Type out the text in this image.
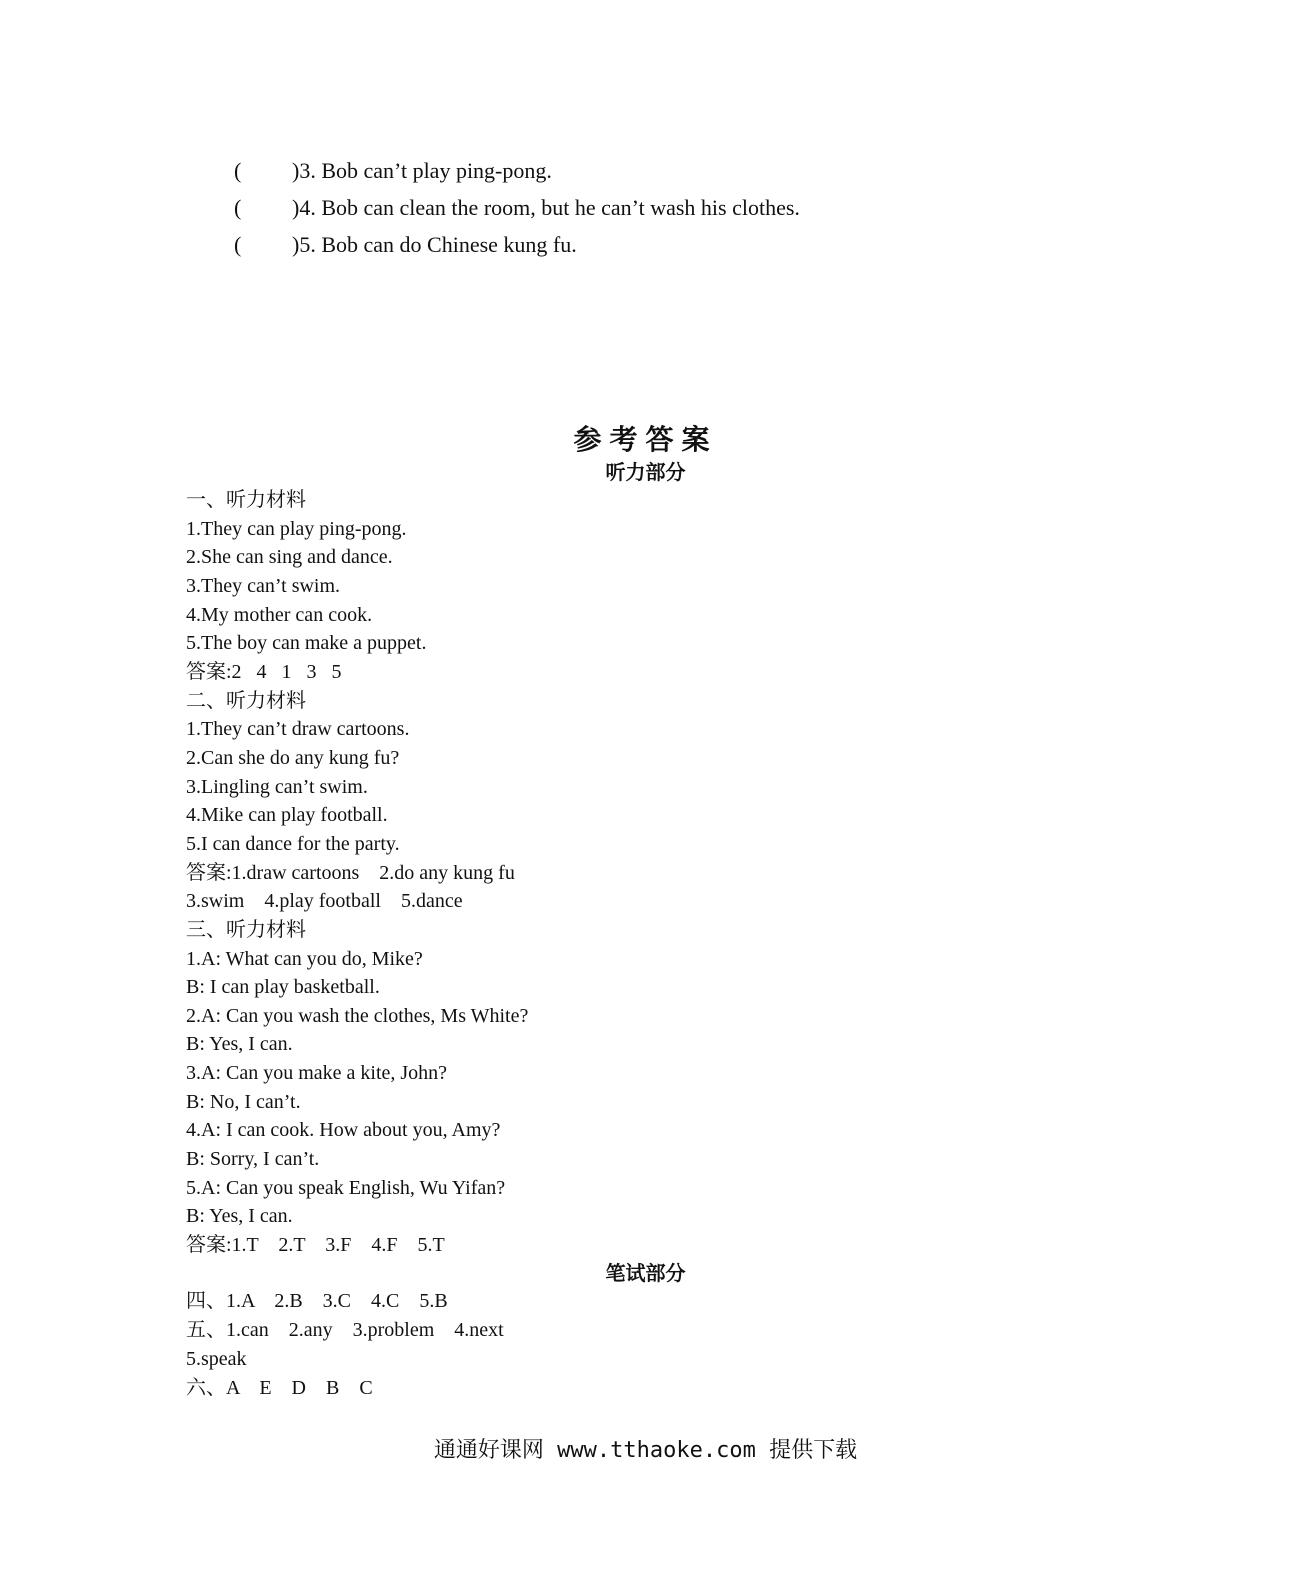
( )3. Bob can’t play ping-pong.
( )4. Bob can clean the room, but he can’t wash his clothes.
( )5. Bob can do Chinese kung fu.
参考答案
听力部分
一、听力材料
1.They can play ping-pong.
2.She can sing and dance.
3.They can’t swim.
4.My mother can cook.
5.The boy can make a puppet.
答案:2   4   1   3   5
二、听力材料
1.They can’t draw cartoons.
2.Can she do any kung fu?
3.Lingling can’t swim.
4.Mike can play football.
5.I can dance for the party.
答案:1.draw cartoons    2.do any kung fu
3.swim    4.play football    5.dance
三、听力材料
1.A: What can you do, Mike?
B: I can play basketball.
2.A: Can you wash the clothes, Ms White?
B: Yes, I can.
3.A: Can you make a kite, John?
B: No, I can’t.
4.A: I can cook. How about you, Amy?
B: Sorry, I can’t.
5.A: Can you speak English, Wu Yifan?
B: Yes, I can.
答案:1.T    2.T    3.F    4.F    5.T
笔试部分
四、1.A    2.B    3.C    4.C    5.B
五、1.can    2.any    3.problem    4.next
5.speak
六、A    E    D    B    C
通通好课网 www.tthaoke.com 提供下载
